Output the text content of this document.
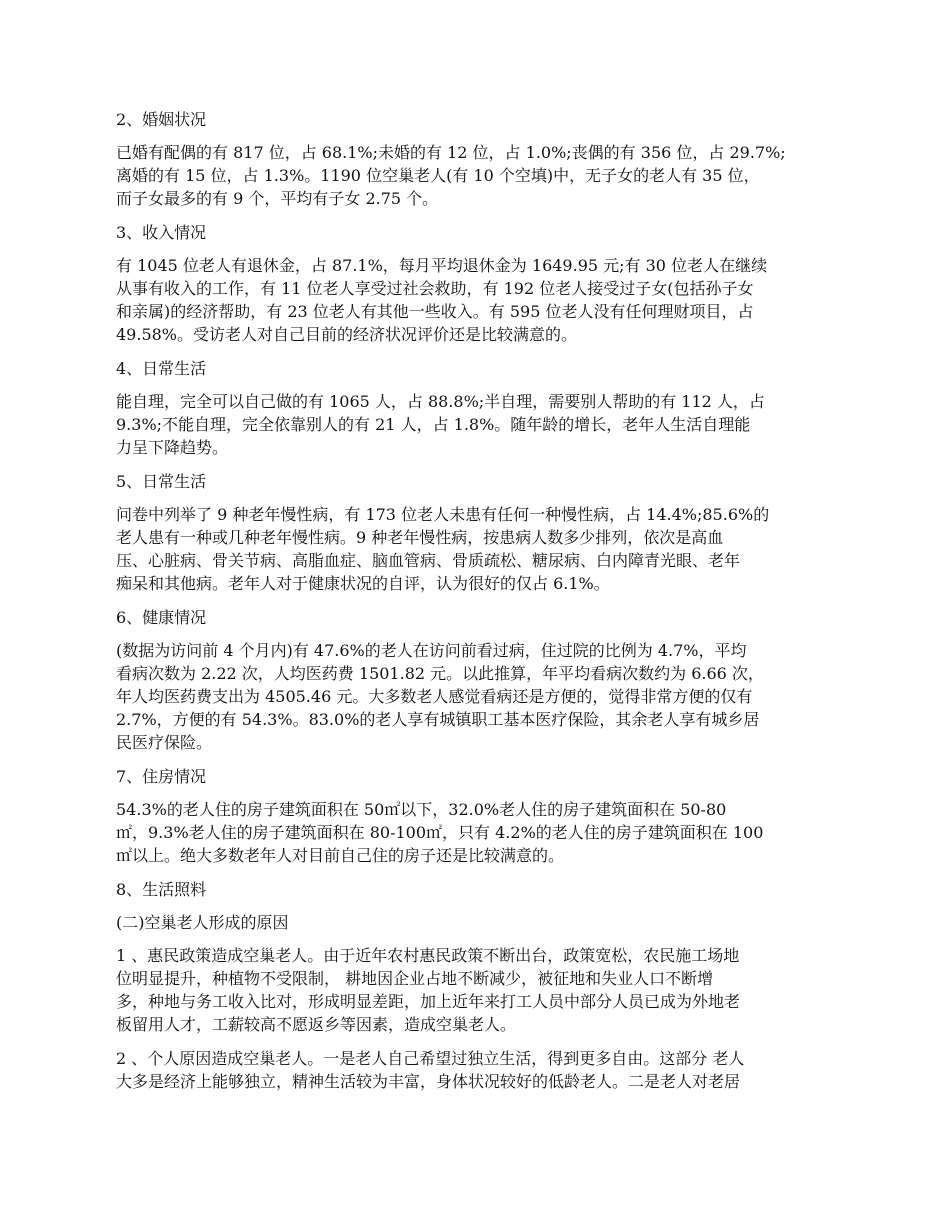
2、婚姻状况
已婚有配偶的有 817 位，占 68.1%;未婚的有 12 位，占 1.0%;丧偶的有 356 位，占 29.7%;
离婚的有 15 位，占 1.3%。1190 位空巢老人(有 10 个空填)中，无子女的老人有 35 位，
而子女最多的有 9 个，平均有子女 2.75 个。
3、收入情况
有 1045 位老人有退休金，占 87.1%，每月平均退休金为 1649.95 元;有 30 位老人在继续
从事有收入的工作，有 11 位老人享受过社会救助，有 192 位老人接受过子女(包括孙子女
和亲属)的经济帮助，有 23 位老人有其他一些收入。有 595 位老人没有任何理财项目，占
49.58%。受访老人对自己目前的经济状况评价还是比较满意的。
4、日常生活
能自理，完全可以自己做的有 1065 人，占 88.8%;半自理，需要别人帮助的有 112 人，占
9.3%;不能自理，完全依靠别人的有 21 人，占 1.8%。随年龄的增长，老年人生活自理能
力呈下降趋势。
5、日常生活
问卷中列举了 9 种老年慢性病，有 173 位老人未患有任何一种慢性病，占 14.4%;85.6%的
老人患有一种或几种老年慢性病。9 种老年慢性病，按患病人数多少排列，依次是高血
压、心脏病、骨关节病、高脂血症、脑血管病、骨质疏松、糖尿病、白内障青光眼、老年
痴呆和其他病。老年人对于健康状况的自评，认为很好的仅占 6.1%。
6、健康情况
(数据为访问前 4 个月内)有 47.6%的老人在访问前看过病，住过院的比例为 4.7%，平均
看病次数为 2.22 次，人均医药费 1501.82 元。以此推算，年平均看病次数约为 6.66 次，
年人均医药费支出为 4505.46 元。大多数老人感觉看病还是方便的，觉得非常方便的仅有
2.7%，方便的有 54.3%。83.0%的老人享有城镇职工基本医疗保险，其余老人享有城乡居
民医疗保险。
7、住房情况
54.3%的老人住的房子建筑面积在 50㎡以下，32.0%老人住的房子建筑面积在 50-80
㎡，9.3%老人住的房子建筑面积在 80-100㎡，只有 4.2%的老人住的房子建筑面积在 100
㎡以上。绝大多数老年人对目前自己住的房子还是比较满意的。
8、生活照料
(二)空巢老人形成的原因
1 、惠民政策造成空巢老人。由于近年农村惠民政策不断出台，政策宽松，农民施工场地
位明显提升，种植物不受限制， 耕地因企业占地不断减少，被征地和失业人口不断增
多，种地与务工收入比对，形成明显差距，加上近年来打工人员中部分人员已成为外地老
板留用人才，工薪较高不愿返乡等因素，造成空巢老人。
2 、个人原因造成空巢老人。一是老人自己希望过独立生活，得到更多自由。这部分 老人
大多是经济上能够独立，精神生活较为丰富，身体状况较好的低龄老人。二是老人对老居
